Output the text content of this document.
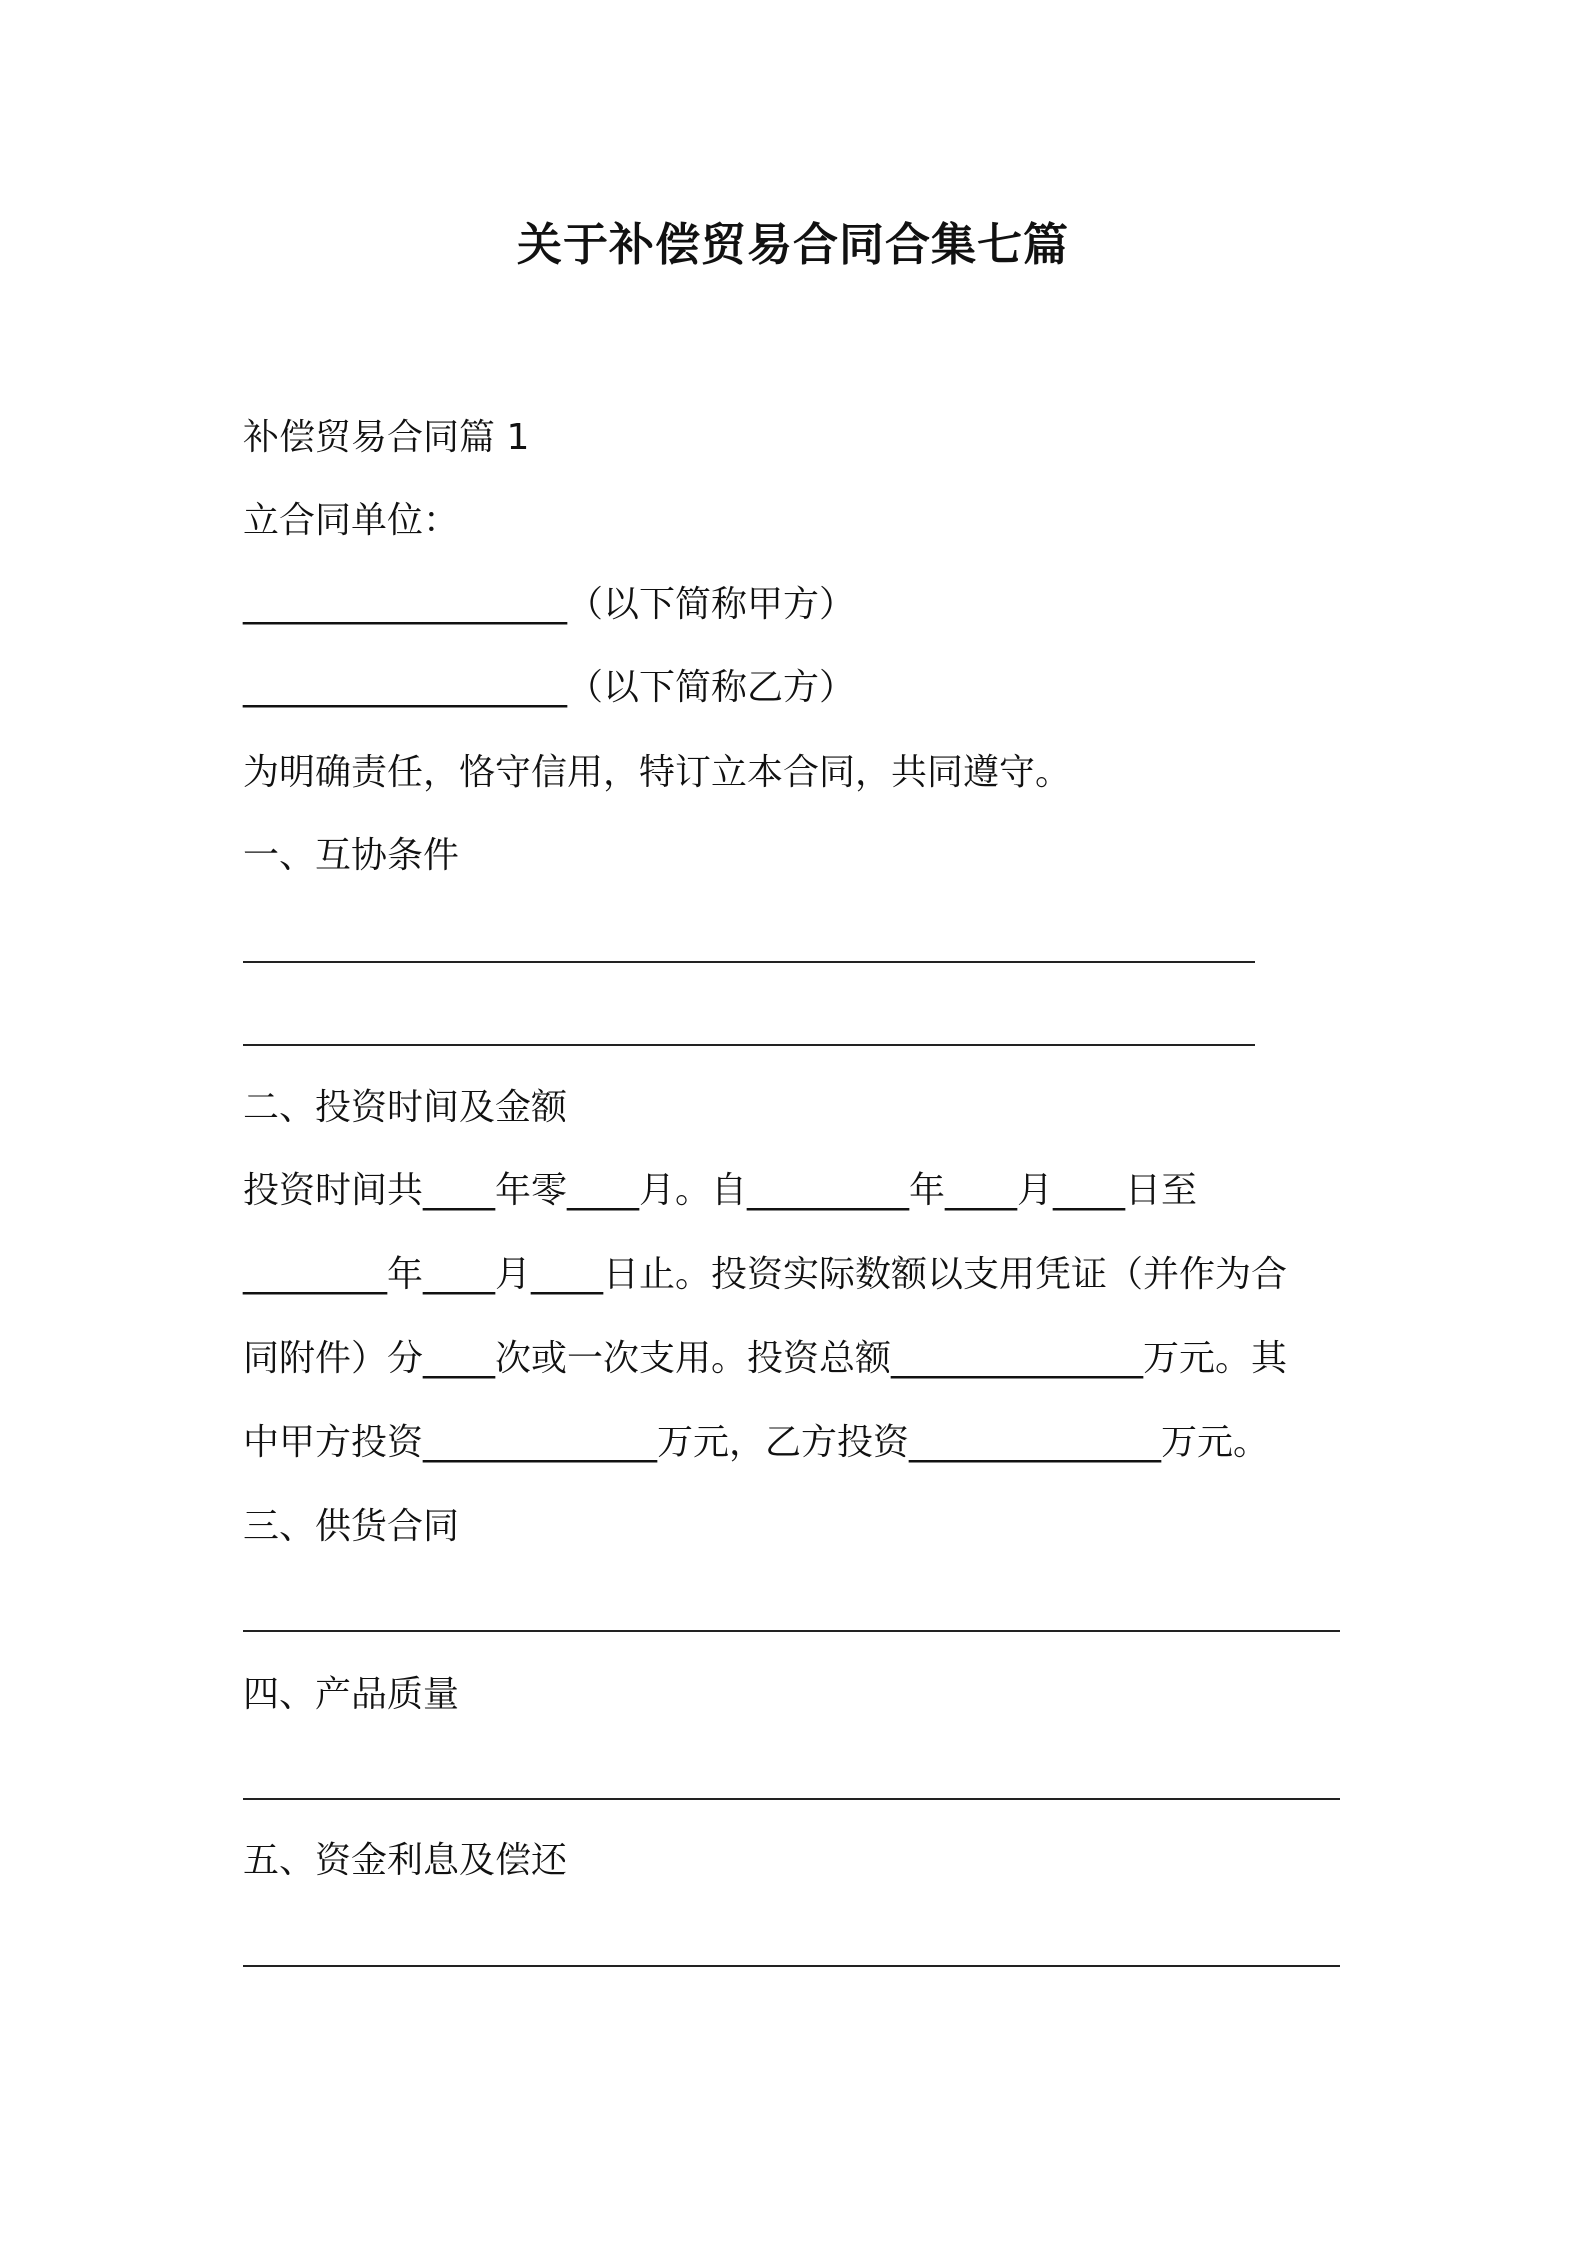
关于补偿贸易合同合集七篇
补偿贸易合同篇 1
立合同单位：
__________________（以下简称甲方）
__________________（以下简称乙方）
为明确责任，恪守信用，特订立本合同，共同遵守。
一、互协条件
二、投资时间及金额
投资时间共____年零____月。自_________年____月____日至
________年____月____日止。投资实际数额以支用凭证（并作为合
同附件）分____次或一次支用。投资总额______________万元。其
中甲方投资_____________万元，乙方投资______________万元。
三、供货合同
四、产品质量
五、资金利息及偿还
